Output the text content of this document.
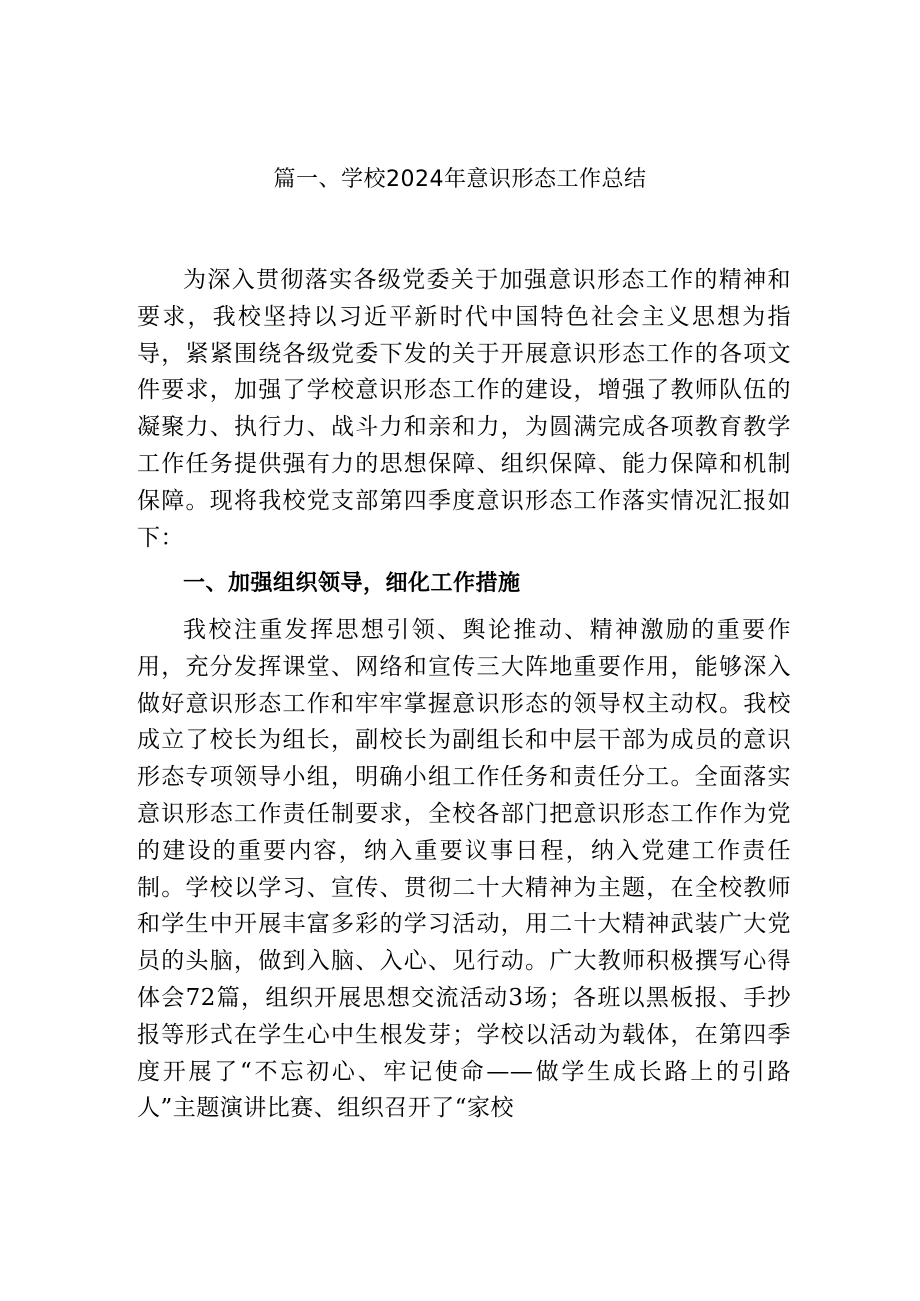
篇一、学校2024年意识形态工作总结

为深入贯彻落实各级党委关于加强意识形态工作的精神和要求，我校坚持以习近平新时代中国特色社会主义思想为指导，紧紧围绕各级党委下发的关于开展意识形态工作的各项文件要求，加强了学校意识形态工作的建设，增强了教师队伍的凝聚力、执行力、战斗力和亲和力，为圆满完成各项教育教学工作任务提供强有力的思想保障、组织保障、能力保障和机制保障。现将我校党支部第四季度意识形态工作落实情况汇报如下：

一、加强组织领导，细化工作措施

我校注重发挥思想引领、舆论推动、精神激励的重要作用，充分发挥课堂、网络和宣传三大阵地重要作用，能够深入做好意识形态工作和牢牢掌握意识形态的领导权主动权。我校成立了校长为组长，副校长为副组长和中层干部为成员的意识形态专项领导小组，明确小组工作任务和责任分工。全面落实意识形态工作责任制要求，全校各部门把意识形态工作作为党的建设的重要内容，纳入重要议事日程，纳入党建工作责任制。学校以学习、宣传、贯彻二十大精神为主题，在全校教师和学生中开展丰富多彩的学习活动，用二十大精神武装广大党员的头脑，做到入脑、入心、见行动。广大教师积极撰写心得体会72篇，组织开展思想交流活动3场；各班以黑板报、手抄报等形式在学生心中生根发芽；学校以活动为载体，在第四季度开展了“不忘初心、牢记使命——做学生成长路上的引路人”主题演讲比赛、组织召开了“家校
